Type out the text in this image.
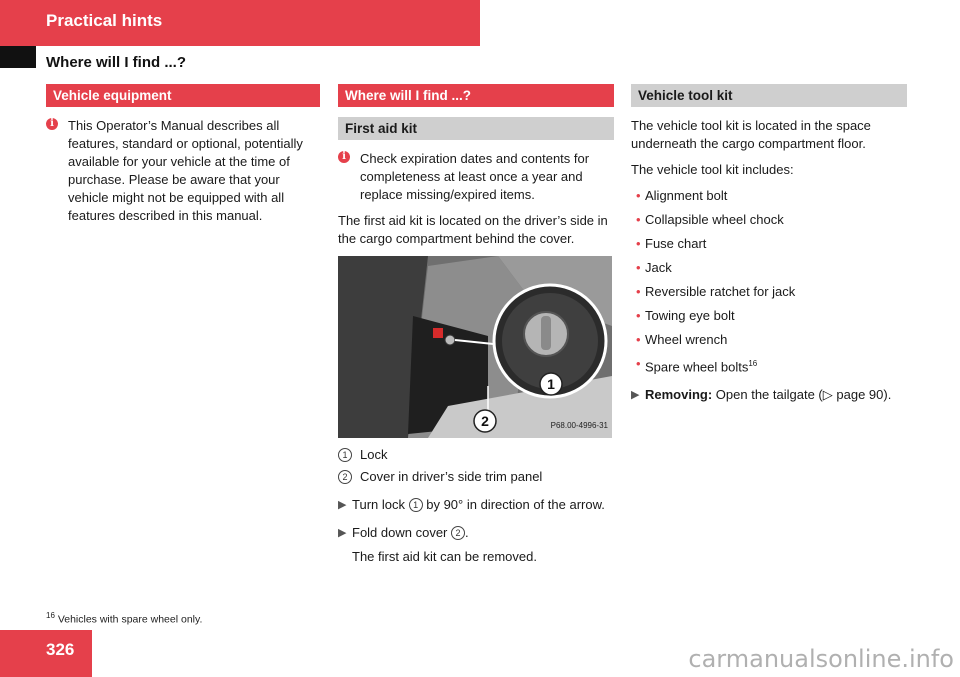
Practical hints
Where will I find ...?
Vehicle equipment
i	This Operator’s Manual describes all features, standard or optional, potentially available for your vehicle at the time of purchase. Please be aware that your vehicle might not be equipped with all features described in this manual.
Where will I find ...?
First aid kit
i	Check expiration dates and contents for completeness at least once a year and replace missing/expired items.
The first aid kit is located on the driver’s side in the cargo compartment behind the cover.
1
2	P68.00-4996-31
1 Lock
2 Cover in driver’s side trim panel
▶ Turn lock 1 by 90° in direction of the arrow.
▶ Fold down cover 2 .
The first aid kit can be removed.
Vehicle tool kit
The vehicle tool kit is located in the space underneath the cargo compartment floor.
The vehicle tool kit includes:
• Alignment bolt
• Collapsible wheel chock
• Fuse chart
• Jack
• Reversible ratchet for jack
• Towing eye bolt
• Wheel wrench
• Spare wheel bolts$^{16}$
▶ Removing: Open the tailgate (▷ page 90).
$^{16}$ Vehicles with spare wheel only.
326	carmanualsonline.info
